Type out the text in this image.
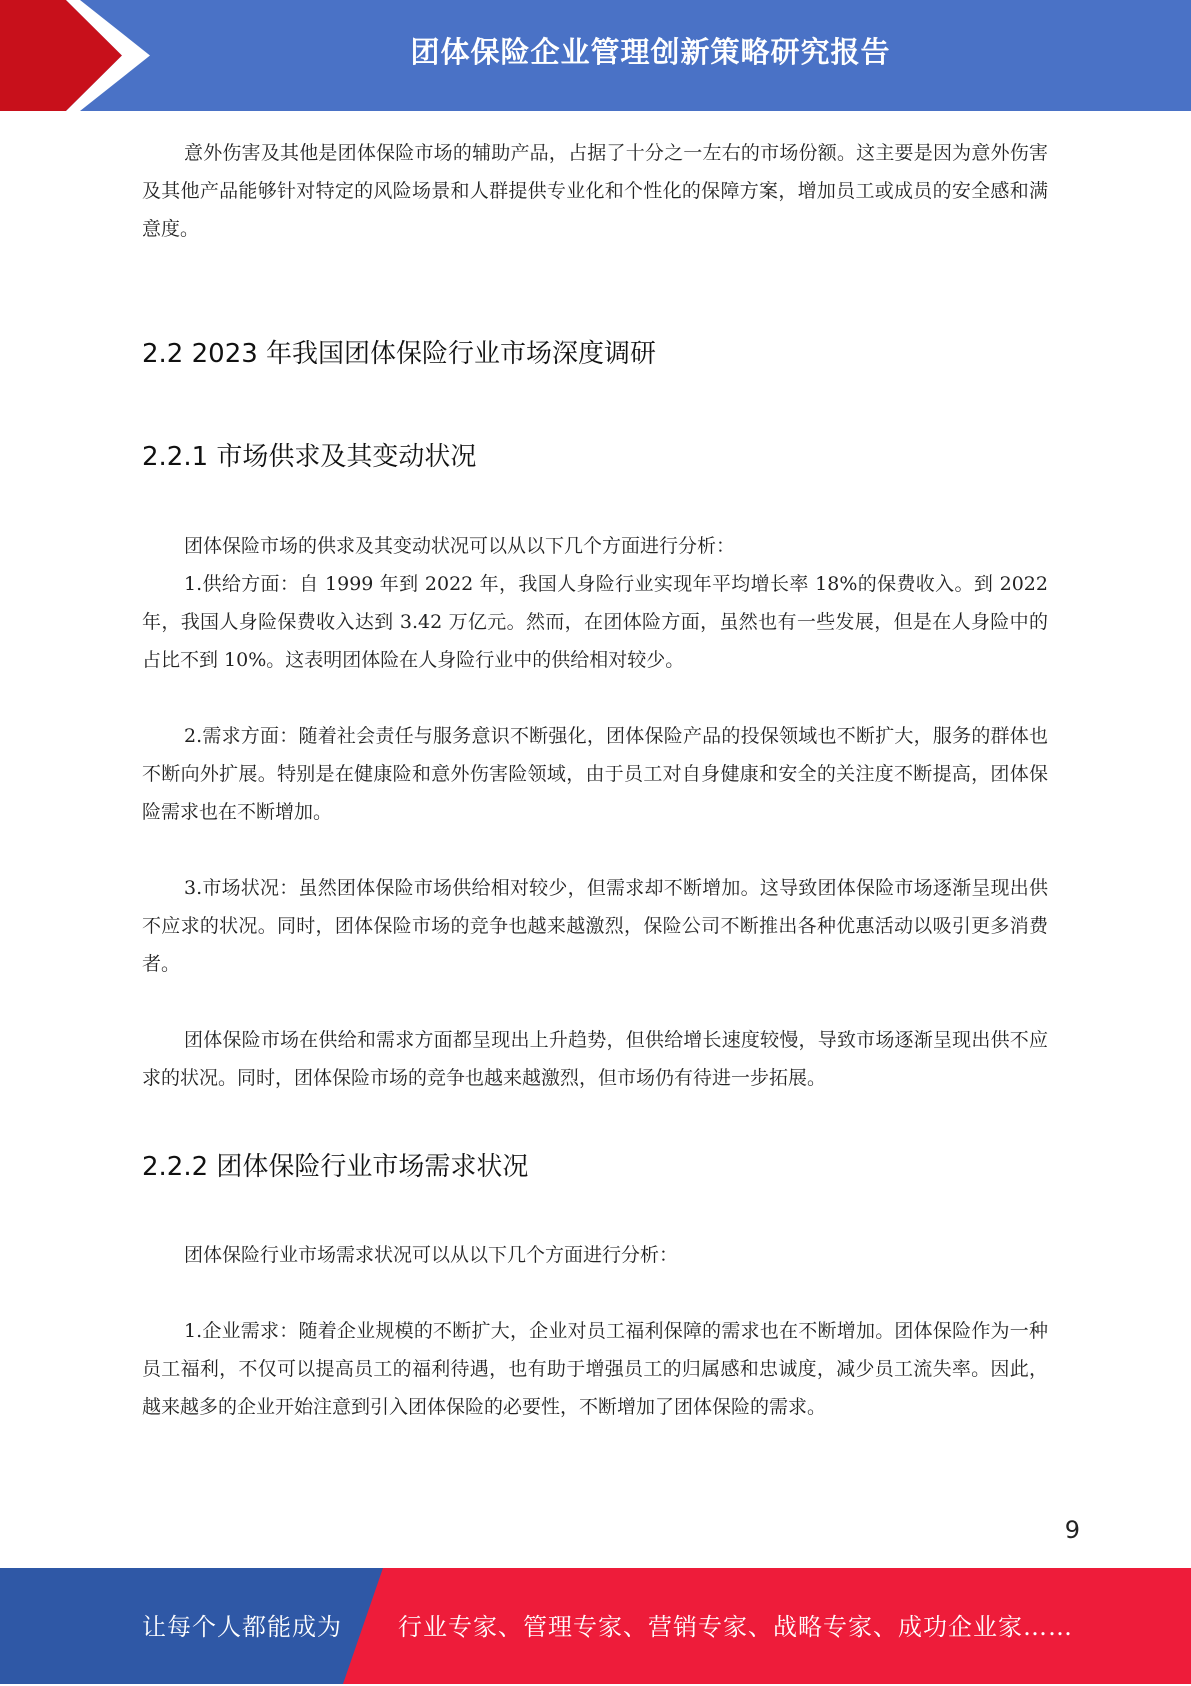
团体保险企业管理创新策略研究报告

意外伤害及其他是团体保险市场的辅助产品，占据了十分之一左右的市场份额。这主要是因为意外伤害及其他产品能够针对特定的风险场景和人群提供专业化和个性化的保障方案，增加员工或成员的安全感和满意度。

2.2 2023 年我国团体保险行业市场深度调研
2.2.1 市场供求及其变动状况

团体保险市场的供求及其变动状况可以从以下几个方面进行分析：

1.供给方面：自 1999 年到 2022 年，我国人身险行业实现年平均增长率 18%的保费收入。到 2022 年，我国人身险保费收入达到 3.42 万亿元。然而，在团体险方面，虽然也有一些发展，但是在人身险中的占比不到 10%。这表明团体险在人身险行业中的供给相对较少。

2.需求方面：随着社会责任与服务意识不断强化，团体保险产品的投保领域也不断扩大，服务的群体也不断向外扩展。特别是在健康险和意外伤害险领域，由于员工对自身健康和安全的关注度不断提高，团体保险需求也在不断增加。

3.市场状况：虽然团体保险市场供给相对较少，但需求却不断增加。这导致团体保险市场逐渐呈现出供不应求的状况。同时，团体保险市场的竞争也越来越激烈，保险公司不断推出各种优惠活动以吸引更多消费者。

团体保险市场在供给和需求方面都呈现出上升趋势，但供给增长速度较慢，导致市场逐渐呈现出供不应求的状况。同时，团体保险市场的竞争也越来越激烈，但市场仍有待进一步拓展。

2.2.2 团体保险行业市场需求状况

团体保险行业市场需求状况可以从以下几个方面进行分析：

1.企业需求：随着企业规模的不断扩大，企业对员工福利保障的需求也在不断增加。团体保险作为一种员工福利，不仅可以提高员工的福利待遇，也有助于增强员工的归属感和忠诚度，减少员工流失率。因此，越来越多的企业开始注意到引入团体保险的必要性，不断增加了团体保险的需求。

9
让每个人都能成为 行业专家、管理专家、营销专家、战略专家、成功企业家……
